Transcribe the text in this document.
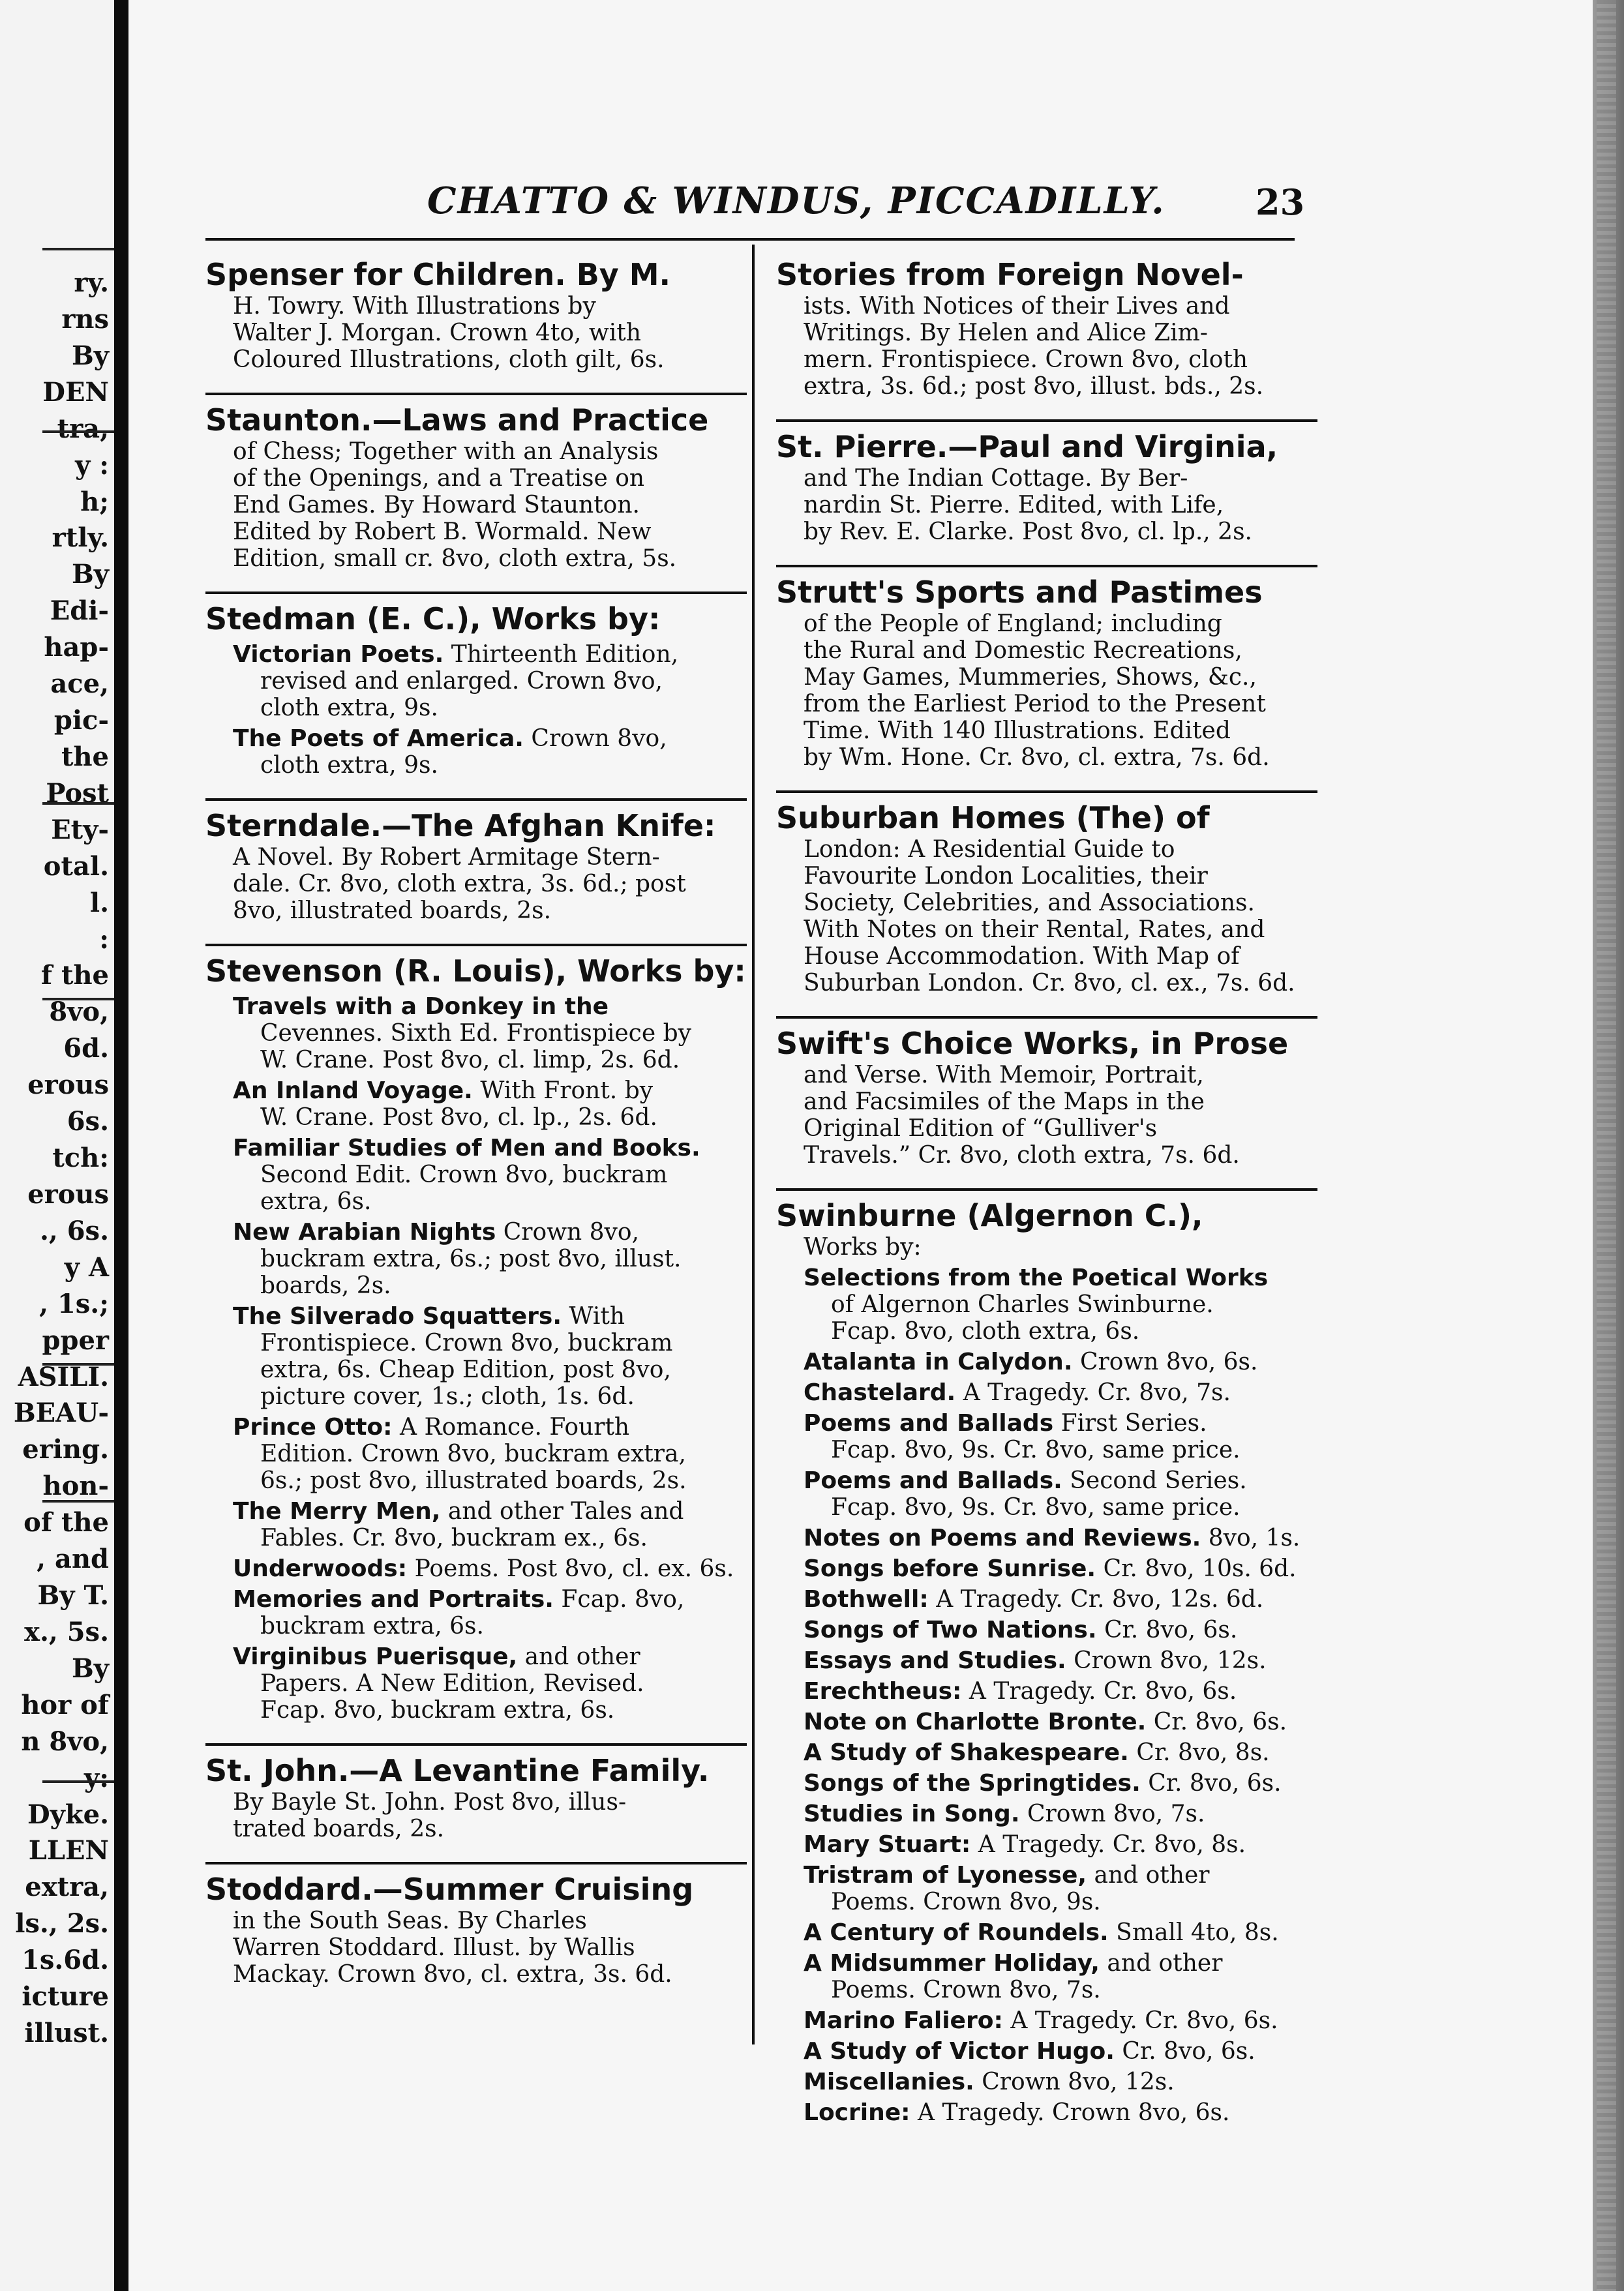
ry.
rns
By
DEN
tra,
y :
h;
rtly.
By
Edi-
hap-
ace,
pic-
the
Post
Ety-
otal.
l.
:
f the
8vo,
6d.
erous
6s.
tch:
erous
., 6s.
y A
, 1s.;
pper
ASILI.
BEAU-
ering.
hon-
of the
, and
By T.
x., 5s.
By
hor of
n 8vo,
y:
Dyke.
LLEN
extra,
ls., 2s.
1s.6d.
icture
illust.
CHATTO & WINDUS, PICCADILLY.	23

Spenser for Children. By M.

H. Towry. With Illustrations by
Walter J. Morgan. Crown 4to, with
Coloured Illustrations, cloth gilt, 6s.

Staunton.—Laws and Practice

of Chess; Together with an Analysis
of the Openings, and a Treatise on
End Games. By Howard Staunton.
Edited by Robert B. Wormald. New
Edition, small cr. 8vo, cloth extra, 5s.

Stedman (E. C.), Works by:

Victorian Poets. Thirteenth Edition,
revised and enlarged. Crown 8vo,
cloth extra, 9s.
The Poets of America. Crown 8vo,
cloth extra, 9s.

Sterndale.—The Afghan Knife:

A Novel. By Robert Armitage Stern-
dale. Cr. 8vo, cloth extra, 3s. 6d.; post
8vo, illustrated boards, 2s.

Stevenson (R. Louis), Works by:

Travels with a Donkey in the
Cevennes. Sixth Ed. Frontispiece by
W. Crane. Post 8vo, cl. limp, 2s. 6d.
An Inland Voyage. With Front. by
W. Crane. Post 8vo, cl. lp., 2s. 6d.
Familiar Studies of Men and Books.
Second Edit. Crown 8vo, buckram
extra, 6s.
New Arabian Nights Crown 8vo,
buckram extra, 6s.; post 8vo, illust.
boards, 2s.
The Silverado Squatters. With
Frontispiece. Crown 8vo, buckram
extra, 6s. Cheap Edition, post 8vo,
picture cover, 1s.; cloth, 1s. 6d.
Prince Otto: A Romance. Fourth
Edition. Crown 8vo, buckram extra,
6s.; post 8vo, illustrated boards, 2s.
The Merry Men, and other Tales and
Fables. Cr. 8vo, buckram ex., 6s.
Underwoods: Poems. Post 8vo, cl. ex. 6s.
Memories and Portraits. Fcap. 8vo,
buckram extra, 6s.
Virginibus Puerisque, and other
Papers. A New Edition, Revised.
Fcap. 8vo, buckram extra, 6s.

St. John.—A Levantine Family.

By Bayle St. John. Post 8vo, illus-
trated boards, 2s.

Stoddard.—Summer Cruising

in the South Seas. By Charles
Warren Stoddard. Illust. by Wallis
Mackay. Crown 8vo, cl. extra, 3s. 6d.

Stories from Foreign Novel-

ists. With Notices of their Lives and
Writings. By Helen and Alice Zim-
mern. Frontispiece. Crown 8vo, cloth
extra, 3s. 6d.; post 8vo, illust. bds., 2s.

St. Pierre.—Paul and Virginia,

and The Indian Cottage. By Ber-
nardin St. Pierre. Edited, with Life,
by Rev. E. Clarke. Post 8vo, cl. lp., 2s.

Strutt's Sports and Pastimes

of the People of England; including
the Rural and Domestic Recreations,
May Games, Mummeries, Shows, &c.,
from the Earliest Period to the Present
Time. With 140 Illustrations. Edited
by Wm. Hone. Cr. 8vo, cl. extra, 7s. 6d.

Suburban Homes (The) of

London: A Residential Guide to
Favourite London Localities, their
Society, Celebrities, and Associations.
With Notes on their Rental, Rates, and
House Accommodation. With Map of
Suburban London. Cr. 8vo, cl. ex., 7s. 6d.

Swift's Choice Works, in Prose

and Verse. With Memoir, Portrait,
and Facsimiles of the Maps in the
Original Edition of “Gulliver's
Travels.” Cr. 8vo, cloth extra, 7s. 6d.

Swinburne (Algernon C.),

Works by:

Selections from the Poetical Works
of Algernon Charles Swinburne.
Fcap. 8vo, cloth extra, 6s.
Atalanta in Calydon. Crown 8vo, 6s.
Chastelard. A Tragedy. Cr. 8vo, 7s.
Poems and Ballads First Series.
Fcap. 8vo, 9s. Cr. 8vo, same price.
Poems and Ballads. Second Series.
Fcap. 8vo, 9s. Cr. 8vo, same price.
Notes on Poems and Reviews. 8vo, 1s.
Songs before Sunrise. Cr. 8vo, 10s. 6d.
Bothwell: A Tragedy. Cr. 8vo, 12s. 6d.
Songs of Two Nations. Cr. 8vo, 6s.
Essays and Studies. Crown 8vo, 12s.
Erechtheus: A Tragedy. Cr. 8vo, 6s.
Note on Charlotte Bronte. Cr. 8vo, 6s.
A Study of Shakespeare. Cr. 8vo, 8s.
Songs of the Springtides. Cr. 8vo, 6s.
Studies in Song. Crown 8vo, 7s.
Mary Stuart: A Tragedy. Cr. 8vo, 8s.
Tristram of Lyonesse, and other
Poems. Crown 8vo, 9s.
A Century of Roundels. Small 4to, 8s.
A Midsummer Holiday, and other
Poems. Crown 8vo, 7s.
Marino Faliero: A Tragedy. Cr. 8vo, 6s.
A Study of Victor Hugo. Cr. 8vo, 6s.
Miscellanies. Crown 8vo, 12s.
Locrine: A Tragedy. Crown 8vo, 6s.
